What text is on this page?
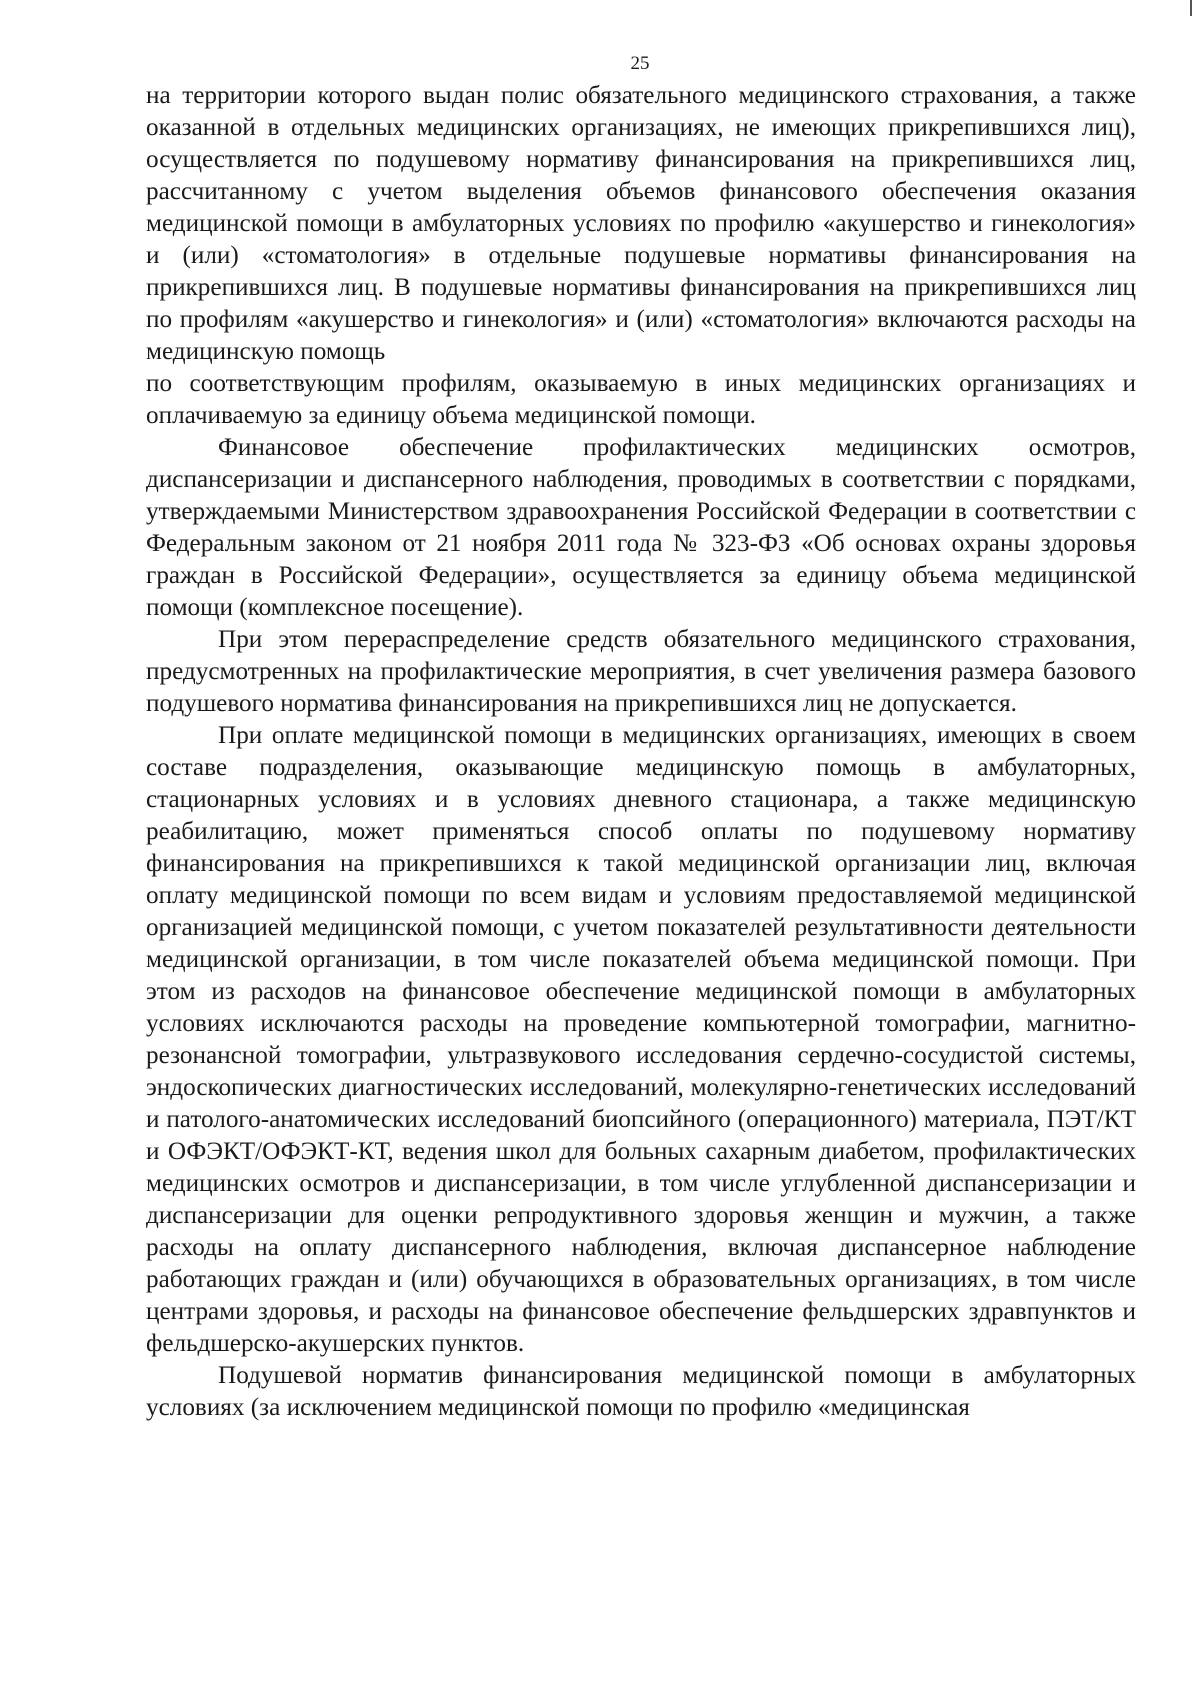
25

на территории которого выдан полис обязательного медицинского страхования, а также оказанной в отдельных медицинских организациях, не имеющих прикрепившихся лиц), осуществляется по подушевому нормативу финансирования на прикрепившихся лиц, рассчитанному с учетом выделения объемов финансового обеспечения оказания медицинской помощи в амбулаторных условиях по профилю «акушерство и гинекология» и (или) «стоматология» в отдельные подушевые нормативы финансирования на прикрепившихся лиц. В подушевые нормативы финансирования на прикрепившихся лиц по профилям «акушерство и гинекология» и (или) «стоматология» включаются расходы на медицинскую помощь

по соответствующим профилям, оказываемую в иных медицинских организациях и оплачиваемую за единицу объема медицинской помощи.

Финансовое обеспечение профилактических медицинских осмотров, диспансеризации и диспансерного наблюдения, проводимых в соответствии с порядками, утверждаемыми Министерством здравоохранения Российской Федерации в соответствии с Федеральным законом от 21 ноября 2011 года № 323-ФЗ «Об основах охраны здоровья граждан в Российской Федерации», осуществляется за единицу объема медицинской помощи (комплексное посещение).

При этом перераспределение средств обязательного медицинского страхования, предусмотренных на профилактические мероприятия, в счет увеличения размера базового подушевого норматива финансирования на прикрепившихся лиц не допускается.

При оплате медицинской помощи в медицинских организациях, имеющих в своем составе подразделения, оказывающие медицинскую помощь в амбулаторных, стационарных условиях и в условиях дневного стационара, а также медицинскую реабилитацию, может применяться способ оплаты по подушевому нормативу финансирования на прикрепившихся к такой медицинской организации лиц, включая оплату медицинской помощи по всем видам и условиям предоставляемой медицинской организацией медицинской помощи, с учетом показателей результативности деятельности медицинской организации, в том числе показателей объема медицинской помощи. При этом из расходов на финансовое обеспечение медицинской помощи в амбулаторных условиях исключаются расходы на проведение компьютерной томографии, магнитно-резонансной томографии, ультразвукового исследования сердечно-сосудистой системы, эндоскопических диагностических исследований, молекулярно-генетических исследований и патолого-анатомических исследований биопсийного (операционного) материала, ПЭТ/КТ и ОФЭКТ/ОФЭКТ-КТ, ведения школ для больных сахарным диабетом, профилактических медицинских осмотров и диспансеризации, в том числе углубленной диспансеризации и диспансеризации для оценки репродуктивного здоровья женщин и мужчин, а также расходы на оплату диспансерного наблюдения, включая диспансерное наблюдение работающих граждан и (или) обучающихся в образовательных организациях, в том числе центрами здоровья, и расходы на финансовое обеспечение фельдшерских здравпунктов и фельдшерско-акушерских пунктов.

Подушевой норматив финансирования медицинской помощи в амбулаторных условиях (за исключением медицинской помощи по профилю «медицинская
